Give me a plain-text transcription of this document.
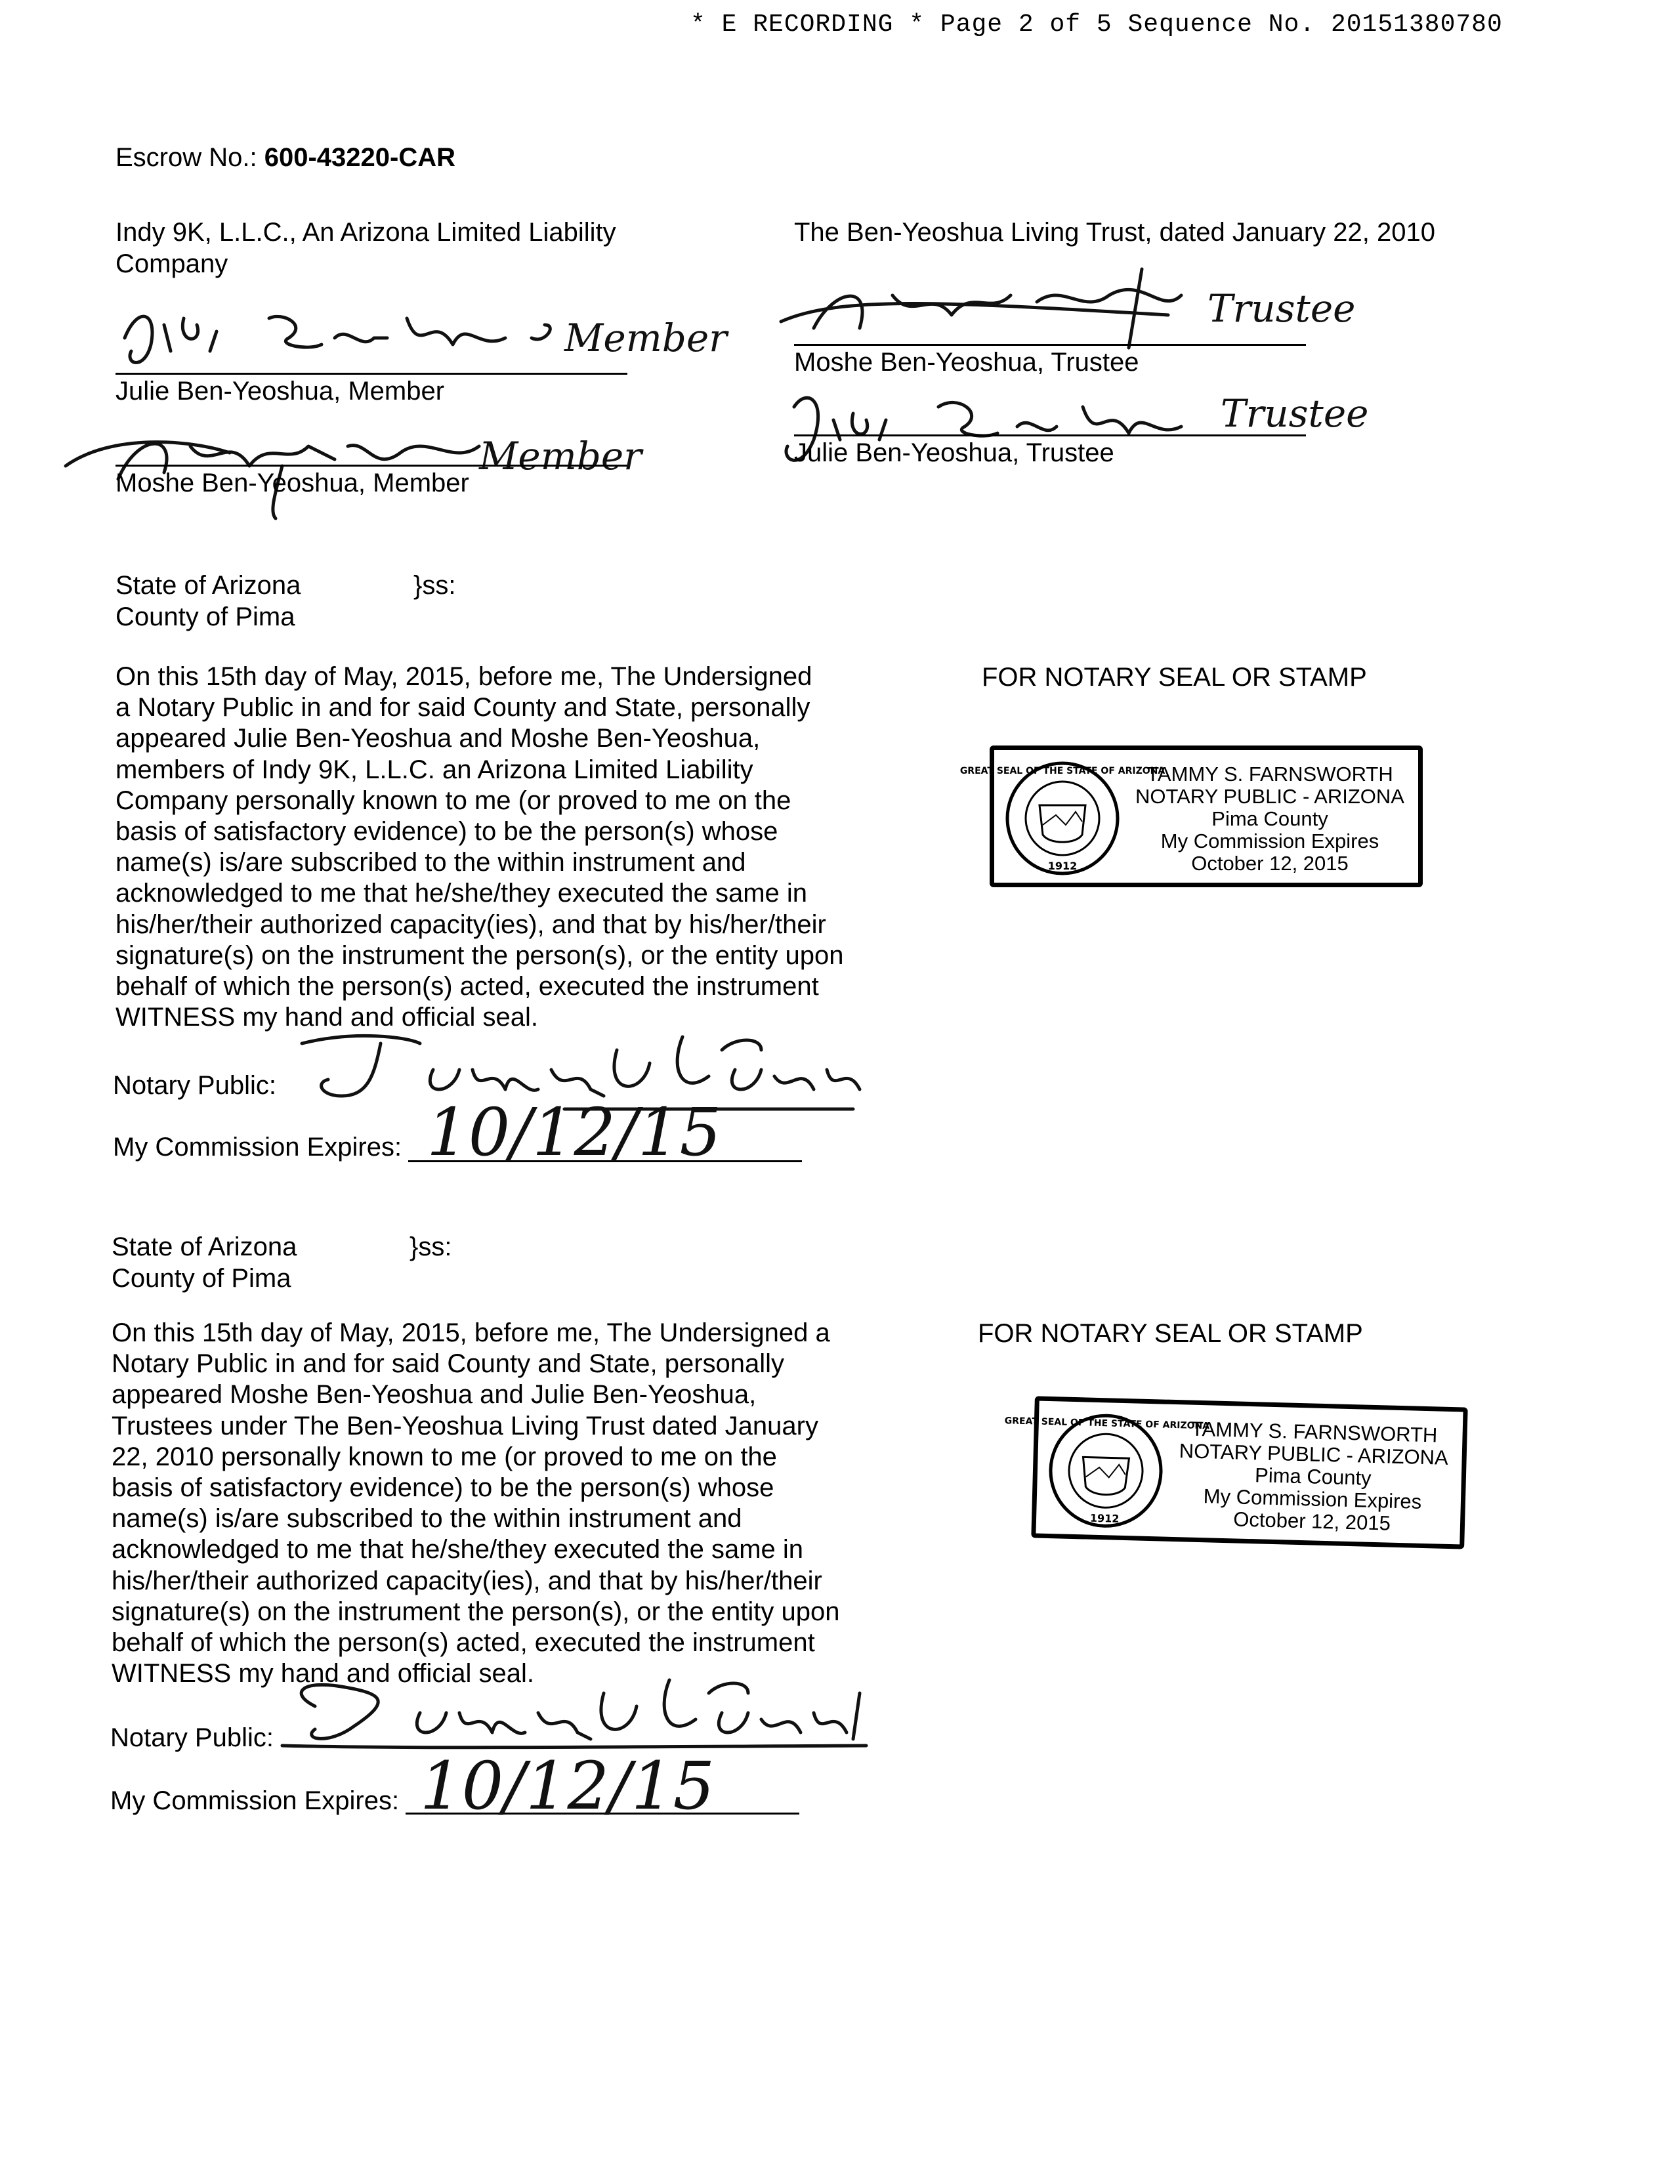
* E RECORDING * Page 2 of 5 Sequence No. 20151380780
Escrow No.: 600-43220-CAR
Indy 9K, L.L.C., An Arizona Limited Liability
Company
Member
Julie Ben-Yeoshua, Member
Member
Moshe Ben-Yeoshua, Member
The Ben-Yeoshua Living Trust, dated January 22, 2010
Trustee
Moshe Ben-Yeoshua, Trustee
Trustee
Julie Ben-Yeoshua, Trustee
State of Arizona
County of Pima
}ss:
FOR NOTARY SEAL OR STAMP
On this 15th day of May, 2015, before me, The Undersigned
a Notary Public in and for said County and State, personally
appeared Julie Ben-Yeoshua and Moshe Ben-Yeoshua,
members of Indy 9K, L.L.C. an Arizona Limited Liability
Company personally known to me (or proved to me on the
basis of satisfactory evidence) to be the person(s) whose
name(s) is/are subscribed to the within instrument and
acknowledged to me that he/she/they executed the same in
his/her/their authorized capacity(ies), and that by his/her/their
signature(s) on the instrument the person(s), or the entity upon
behalf of which the person(s) acted, executed the instrument
WITNESS my hand and official seal.
Notary Public:
My Commission Expires: 10/12/15
GREAT SEAL OF THE STATE OF ARIZONA
1912
TAMMY S. FARNSWORTH
NOTARY PUBLIC - ARIZONA
Pima County
My Commission Expires
October 12, 2015
State of Arizona
County of Pima
}ss:
FOR NOTARY SEAL OR STAMP
On this 15th day of May, 2015, before me, The Undersigned a
Notary Public in and for said County and State, personally
appeared Moshe Ben-Yeoshua and Julie Ben-Yeoshua,
Trustees under The Ben-Yeoshua Living Trust dated January
22, 2010 personally known to me (or proved to me on the
basis of satisfactory evidence) to be the person(s) whose
name(s) is/are subscribed to the within instrument and
acknowledged to me that he/she/they executed the same in
his/her/their authorized capacity(ies), and that by his/her/their
signature(s) on the instrument the person(s), or the entity upon
behalf of which the person(s) acted, executed the instrument
WITNESS my hand and official seal.
Notary Public:
My Commission Expires: 10/12/15
GREAT SEAL OF THE STATE OF ARIZONA
1912
TAMMY S. FARNSWORTH
NOTARY PUBLIC - ARIZONA
Pima County
My Commission Expires
October 12, 2015
